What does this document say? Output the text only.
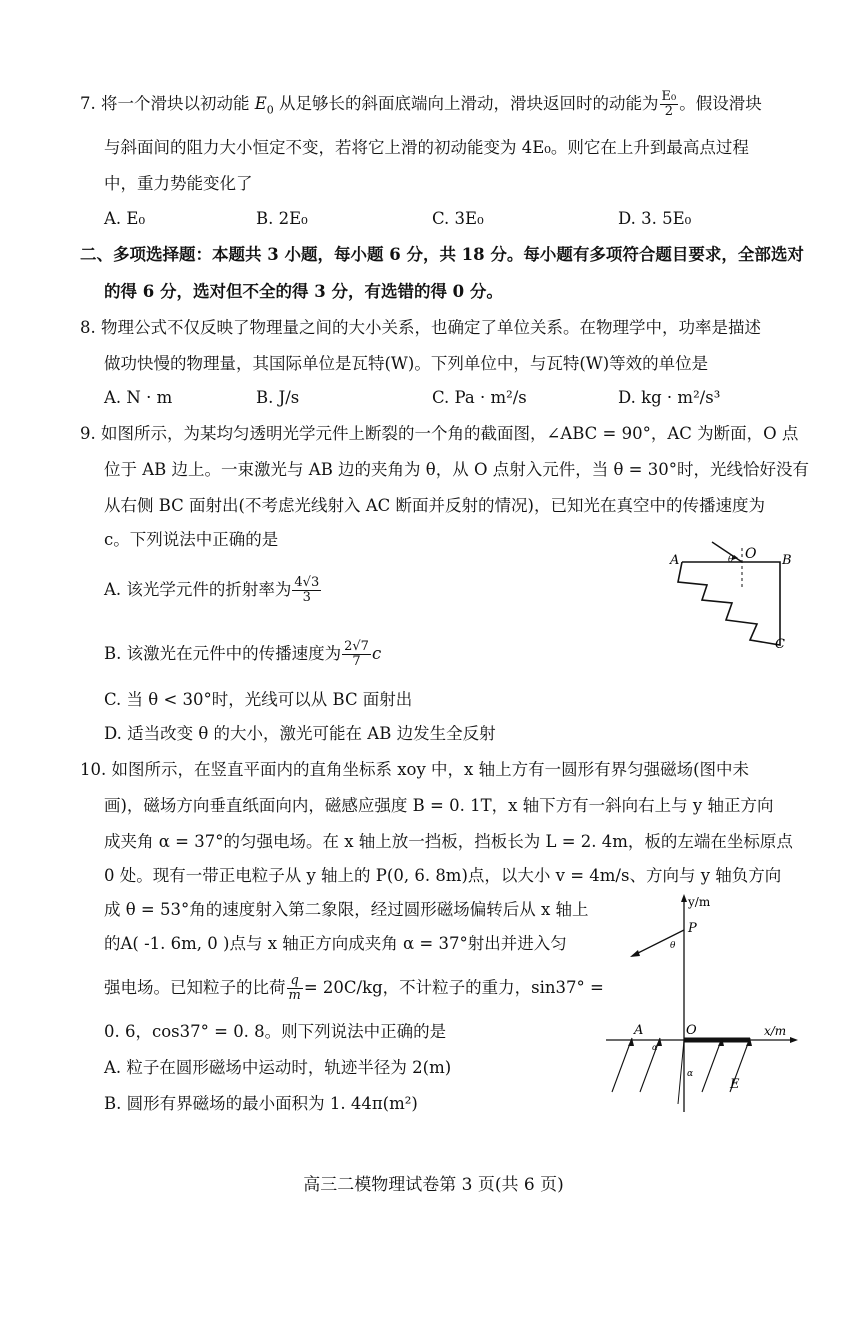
7. 将一个滑块以初动能 $E_0$ 从足够长的斜面底端向上滑动，滑块返回时的动能为 $\frac{\text{E₀}}{2}$ 。假设滑块
与斜面间的阻力大小恒定不变，若将它上滑的初动能变为 4E₀。则它在上升到最高点过程
中，重力势能变化了
A. E₀	B. 2E₀	C. 3E₀	D. 3. 5E₀
二、多项选择题：本题共 3 小题，每小题 6 分，共 18 分。每小题有多项符合题目要求，全部选对
的得 6 分，选对但不全的得 3 分，有选错的得 0 分。
8. 物理公式不仅反映了物理量之间的大小关系，也确定了单位关系。在物理学中，功率是描述
做功快慢的物理量，其国际单位是瓦特(W)。下列单位中，与瓦特(W)等效的单位是
A. N · m	B. J/s	C. Pa · m²/s	D. kg · m²/s³
9. 如图所示，为某均匀透明光学元件上断裂的一个角的截面图，∠ABC = 90°，AC 为断面，O 点
位于 AB 边上。一束激光与 AB 边的夹角为 θ，从 O 点射入元件，当 θ = 30°时，光线恰好没有
从右侧 BC 面射出(不考虑光线射入 AC 断面并反射的情况)，已知光在真空中的传播速度为
c。下列说法中正确的是
A. 该光学元件的折射率为 $\frac{4√3}{3}$
B. 该激光在元件中的传播速度为 $\frac{2√7}{7}$ c
C. 当 θ < 30°时，光线可以从 BC 面射出
D. 适当改变 θ 的大小，激光可能在 AB 边发生全反射
A	O B
C
θ
10. 如图所示，在竖直平面内的直角坐标系 xoy 中，x 轴上方有一圆形有界匀强磁场(图中未
画)，磁场方向垂直纸面向内，磁感应强度 B = 0. 1T，x 轴下方有一斜向右上与 y 轴正方向
成夹角 α = 37°的匀强电场。在 x 轴上放一挡板，挡板长为 L = 2. 4m，板的左端在坐标原点
0 处。现有一带正电粒子从 y 轴上的 P(0, 6. 8m)点，以大小 v = 4m/s、方向与 y 轴负方向
成 θ = 53°角的速度射入第二象限，经过圆形磁场偏转后从 x 轴上
的A( -1. 6m, 0 )点与 x 轴正方向成夹角 α = 37°射出并进入匀
强电场。已知粒子的比荷 $\frac{q}{m} = 20C/kg$，不计粒子的重力，sin37° =
0. 6，cos37° = 0. 8。则下列说法中正确的是
A. 粒子在圆形磁场中运动时，轨迹半径为 2(m)
B. 圆形有界磁场的最小面积为 1. 44π(m²)
y/m
x/m
P
θ
A
α
O
α
E
高三二模物理试卷第 3 页(共 6 页)
